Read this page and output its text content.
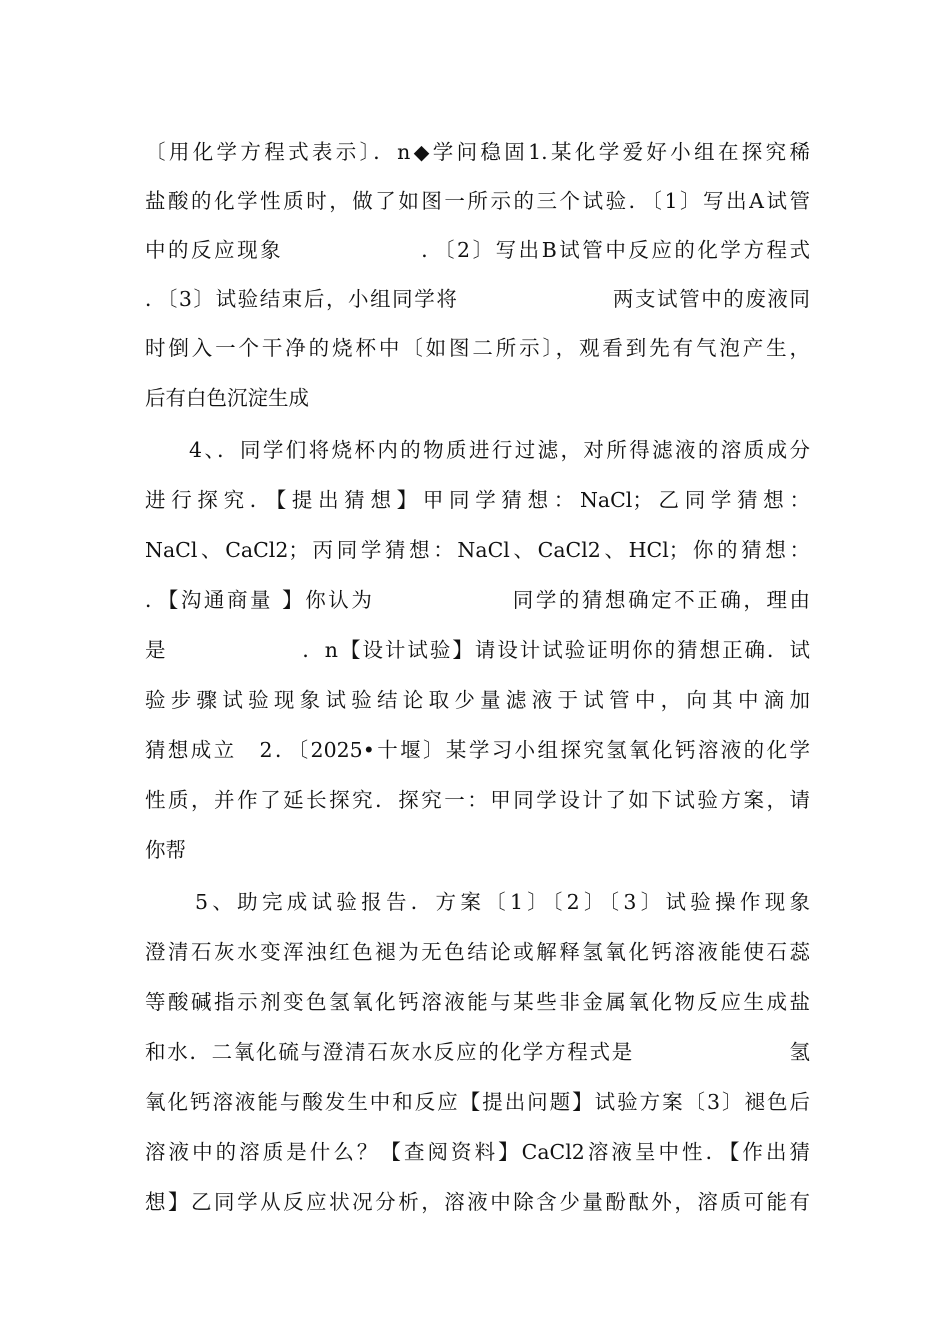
〔用化学方程式表示〕．n◆学问稳固1.某化学爱好小组在探究稀
盐酸的化学性质时，做了如图一所示的三个试验．〔1〕写出A试管
中的反应现象　　　　　　．〔2〕写出B试管中反应的化学方程式
．〔3〕试验结束后，小组同学将　　　　　　　两支试管中的废液同
时倒入一个干净的烧杯中〔如图二所示〕，观看到先有气泡产生，
后有白色沉淀生成
4、．同学们将烧杯内的物质进行过滤，对所得滤液的溶质成分
进行探究．【提出猜想】甲同学猜想：NaCl；乙同学猜想：
NaCl、CaCl2；丙同学猜想：NaCl、CaCl2、HCl；你的猜想：
．【沟通商量 】你认为　　　　　　同学的猜想确定不正确，理由
是　　　　　　．n【设计试验】请设计试验证明你的猜想正确．试
验步骤试验现象试验结论取少量滤液于试管中，向其中滴加
猜想成立　2．〔2025•十堰〕某学习小组探究氢氧化钙溶液的化学
性质，并作了延长探究．探究一：甲同学设计了如下试验方案，请
你帮
5、助完成试验报告．方案〔1〕〔2〕〔3〕试验操作现象
澄清石灰水变浑浊红色褪为无色结论或解释氢氧化钙溶液能使石蕊
等酸碱指示剂变色氢氧化钙溶液能与某些非金属氧化物反应生成盐
和水．二氧化硫与澄清石灰水反应的化学方程式是　　　　　　　氢
氧化钙溶液能与酸发生中和反应【提出问题】试验方案〔3〕褪色后
溶液中的溶质是什么？【查阅资料】CaCl2溶液呈中性．【作出猜
想】乙同学从反应状况分析，溶液中除含少量酚酞外，溶质可能有
